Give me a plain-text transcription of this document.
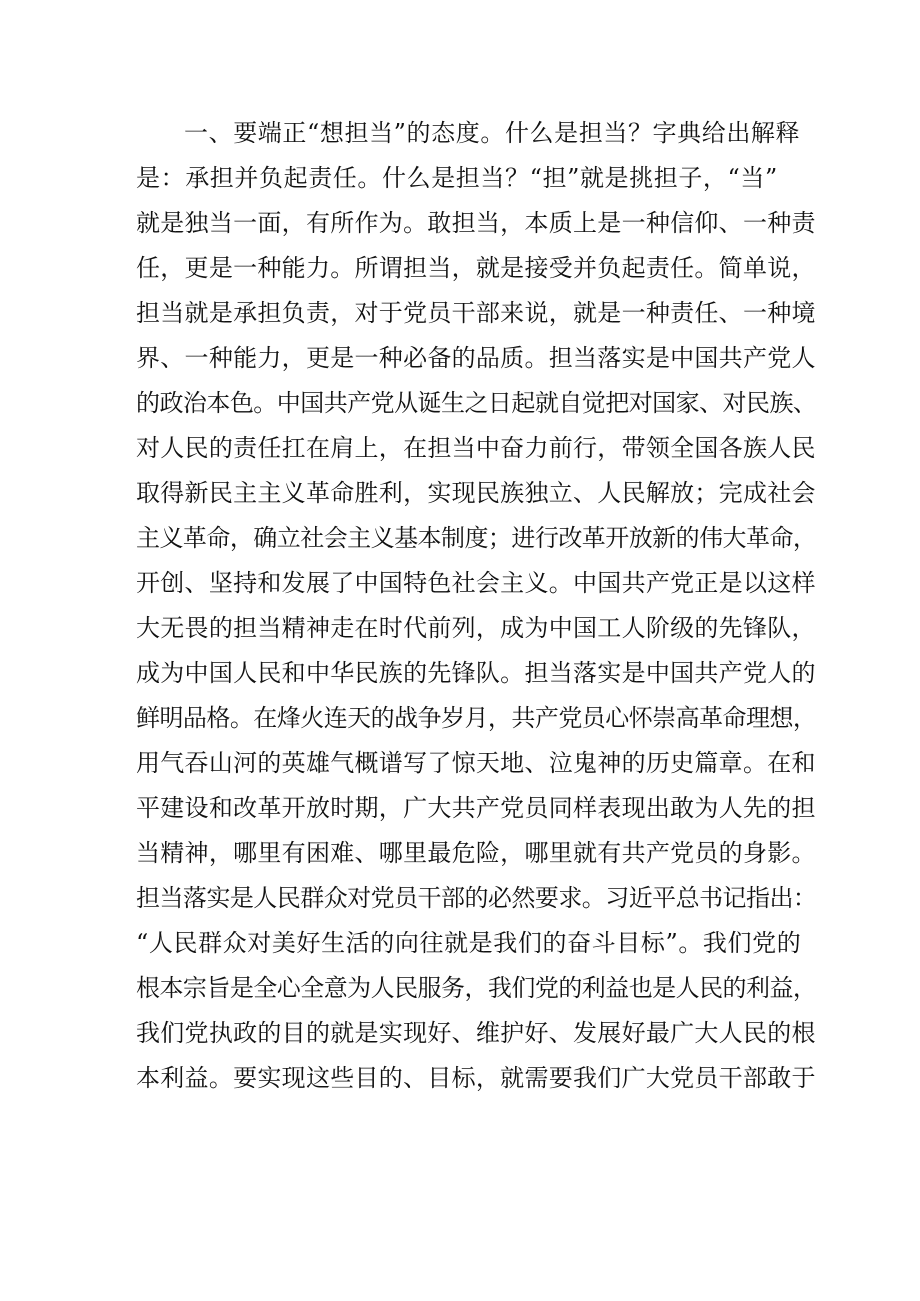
一、要端正“想担当”的态度。什么是担当？字典给出解释
是：承担并负起责任。什么是担当？“担”就是挑担子，“当”
就是独当一面，有所作为。敢担当，本质上是一种信仰、一种责
任，更是一种能力。所谓担当，就是接受并负起责任。简单说，
担当就是承担负责，对于党员干部来说，就是一种责任、一种境
界、一种能力，更是一种必备的品质。担当落实是中国共产党人
的政治本色。中国共产党从诞生之日起就自觉把对国家、对民族、
对人民的责任扛在肩上，在担当中奋力前行，带领全国各族人民
取得新民主主义革命胜利，实现民族独立、人民解放；完成社会
主义革命，确立社会主义基本制度；进行改革开放新的伟大革命，
开创、坚持和发展了中国特色社会主义。中国共产党正是以这样
大无畏的担当精神走在时代前列，成为中国工人阶级的先锋队，
成为中国人民和中华民族的先锋队。担当落实是中国共产党人的
鲜明品格。在烽火连天的战争岁月，共产党员心怀崇高革命理想，
用气吞山河的英雄气概谱写了惊天地、泣鬼神的历史篇章。在和
平建设和改革开放时期，广大共产党员同样表现出敢为人先的担
当精神，哪里有困难、哪里最危险，哪里就有共产党员的身影。
担当落实是人民群众对党员干部的必然要求。习近平总书记指出：
“人民群众对美好生活的向往就是我们的奋斗目标”。我们党的
根本宗旨是全心全意为人民服务，我们党的利益也是人民的利益，
我们党执政的目的就是实现好、维护好、发展好最广大人民的根
本利益。要实现这些目的、目标，就需要我们广大党员干部敢于
